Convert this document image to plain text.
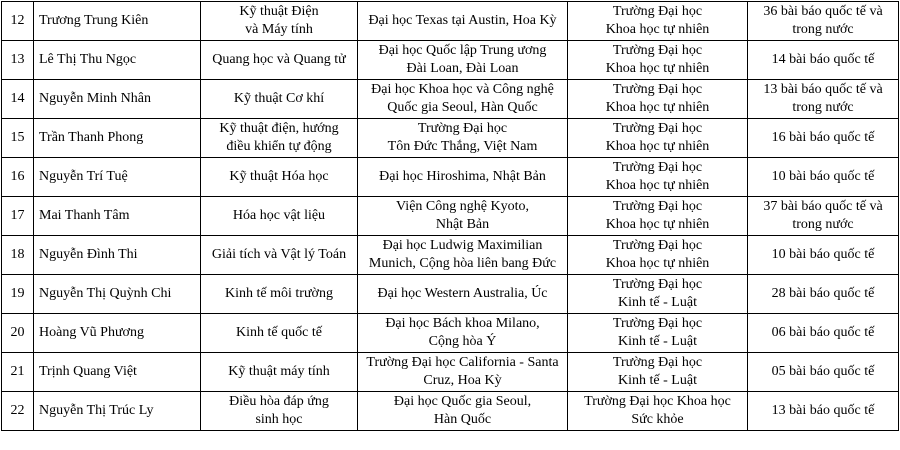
12	Trương Trung Kiên	Kỹ thuật Điện
và Máy tính	Đại học Texas tại Austin, Hoa Kỳ	Trường Đại học
Khoa học tự nhiên	36 bài báo quốc tế và
trong nước

13	Lê Thị Thu Ngọc	Quang học và Quang tử	Đại học Quốc lập Trung ương
Đài Loan, Đài Loan	Trường Đại học
Khoa học tự nhiên	14 bài báo quốc tế

14	Nguyễn Minh Nhân	Kỹ thuật Cơ khí	Đại học Khoa học và Công nghệ
Quốc gia Seoul, Hàn Quốc	Trường Đại học
Khoa học tự nhiên	13 bài báo quốc tế và
trong nước

15	Trần Thanh Phong	Kỹ thuật điện, hướng
điều khiển tự động	Trường Đại học
Tôn Đức Thắng, Việt Nam	Trường Đại học
Khoa học tự nhiên	16 bài báo quốc tế

16	Nguyễn Trí Tuệ	Kỹ thuật Hóa học	Đại học Hiroshima, Nhật Bản	Trường Đại học
Khoa học tự nhiên	10 bài báo quốc tế

17	Mai Thanh Tâm	Hóa học vật liệu	Viện Công nghệ Kyoto,
Nhật Bản	Trường Đại học
Khoa học tự nhiên	37 bài báo quốc tế và
trong nước

18	Nguyễn Đình Thi	Giải tích và Vật lý Toán	Đại học Ludwig Maximilian
Munich, Cộng hòa liên bang Đức	Trường Đại học
Khoa học tự nhiên	10 bài báo quốc tế

19	Nguyễn Thị Quỳnh Chi	Kinh tế môi trường	Đại học Western Australia, Úc	Trường Đại học
Kinh tế - Luật	28 bài báo quốc tế

20	Hoàng Vũ Phương	Kinh tế quốc tế	Đại học Bách khoa Milano,
Cộng hòa Ý	Trường Đại học
Kinh tế - Luật	06 bài báo quốc tế

21	Trịnh Quang Việt	Kỹ thuật máy tính	Trường Đại học California - Santa
Cruz, Hoa Kỳ	Trường Đại học
Kinh tế - Luật	05 bài báo quốc tế

22	Nguyễn Thị Trúc Ly	Điều hòa đáp ứng
sinh học	Đại học Quốc gia Seoul,
Hàn Quốc	Trường Đại học Khoa học
Sức khỏe	13 bài báo quốc tế
